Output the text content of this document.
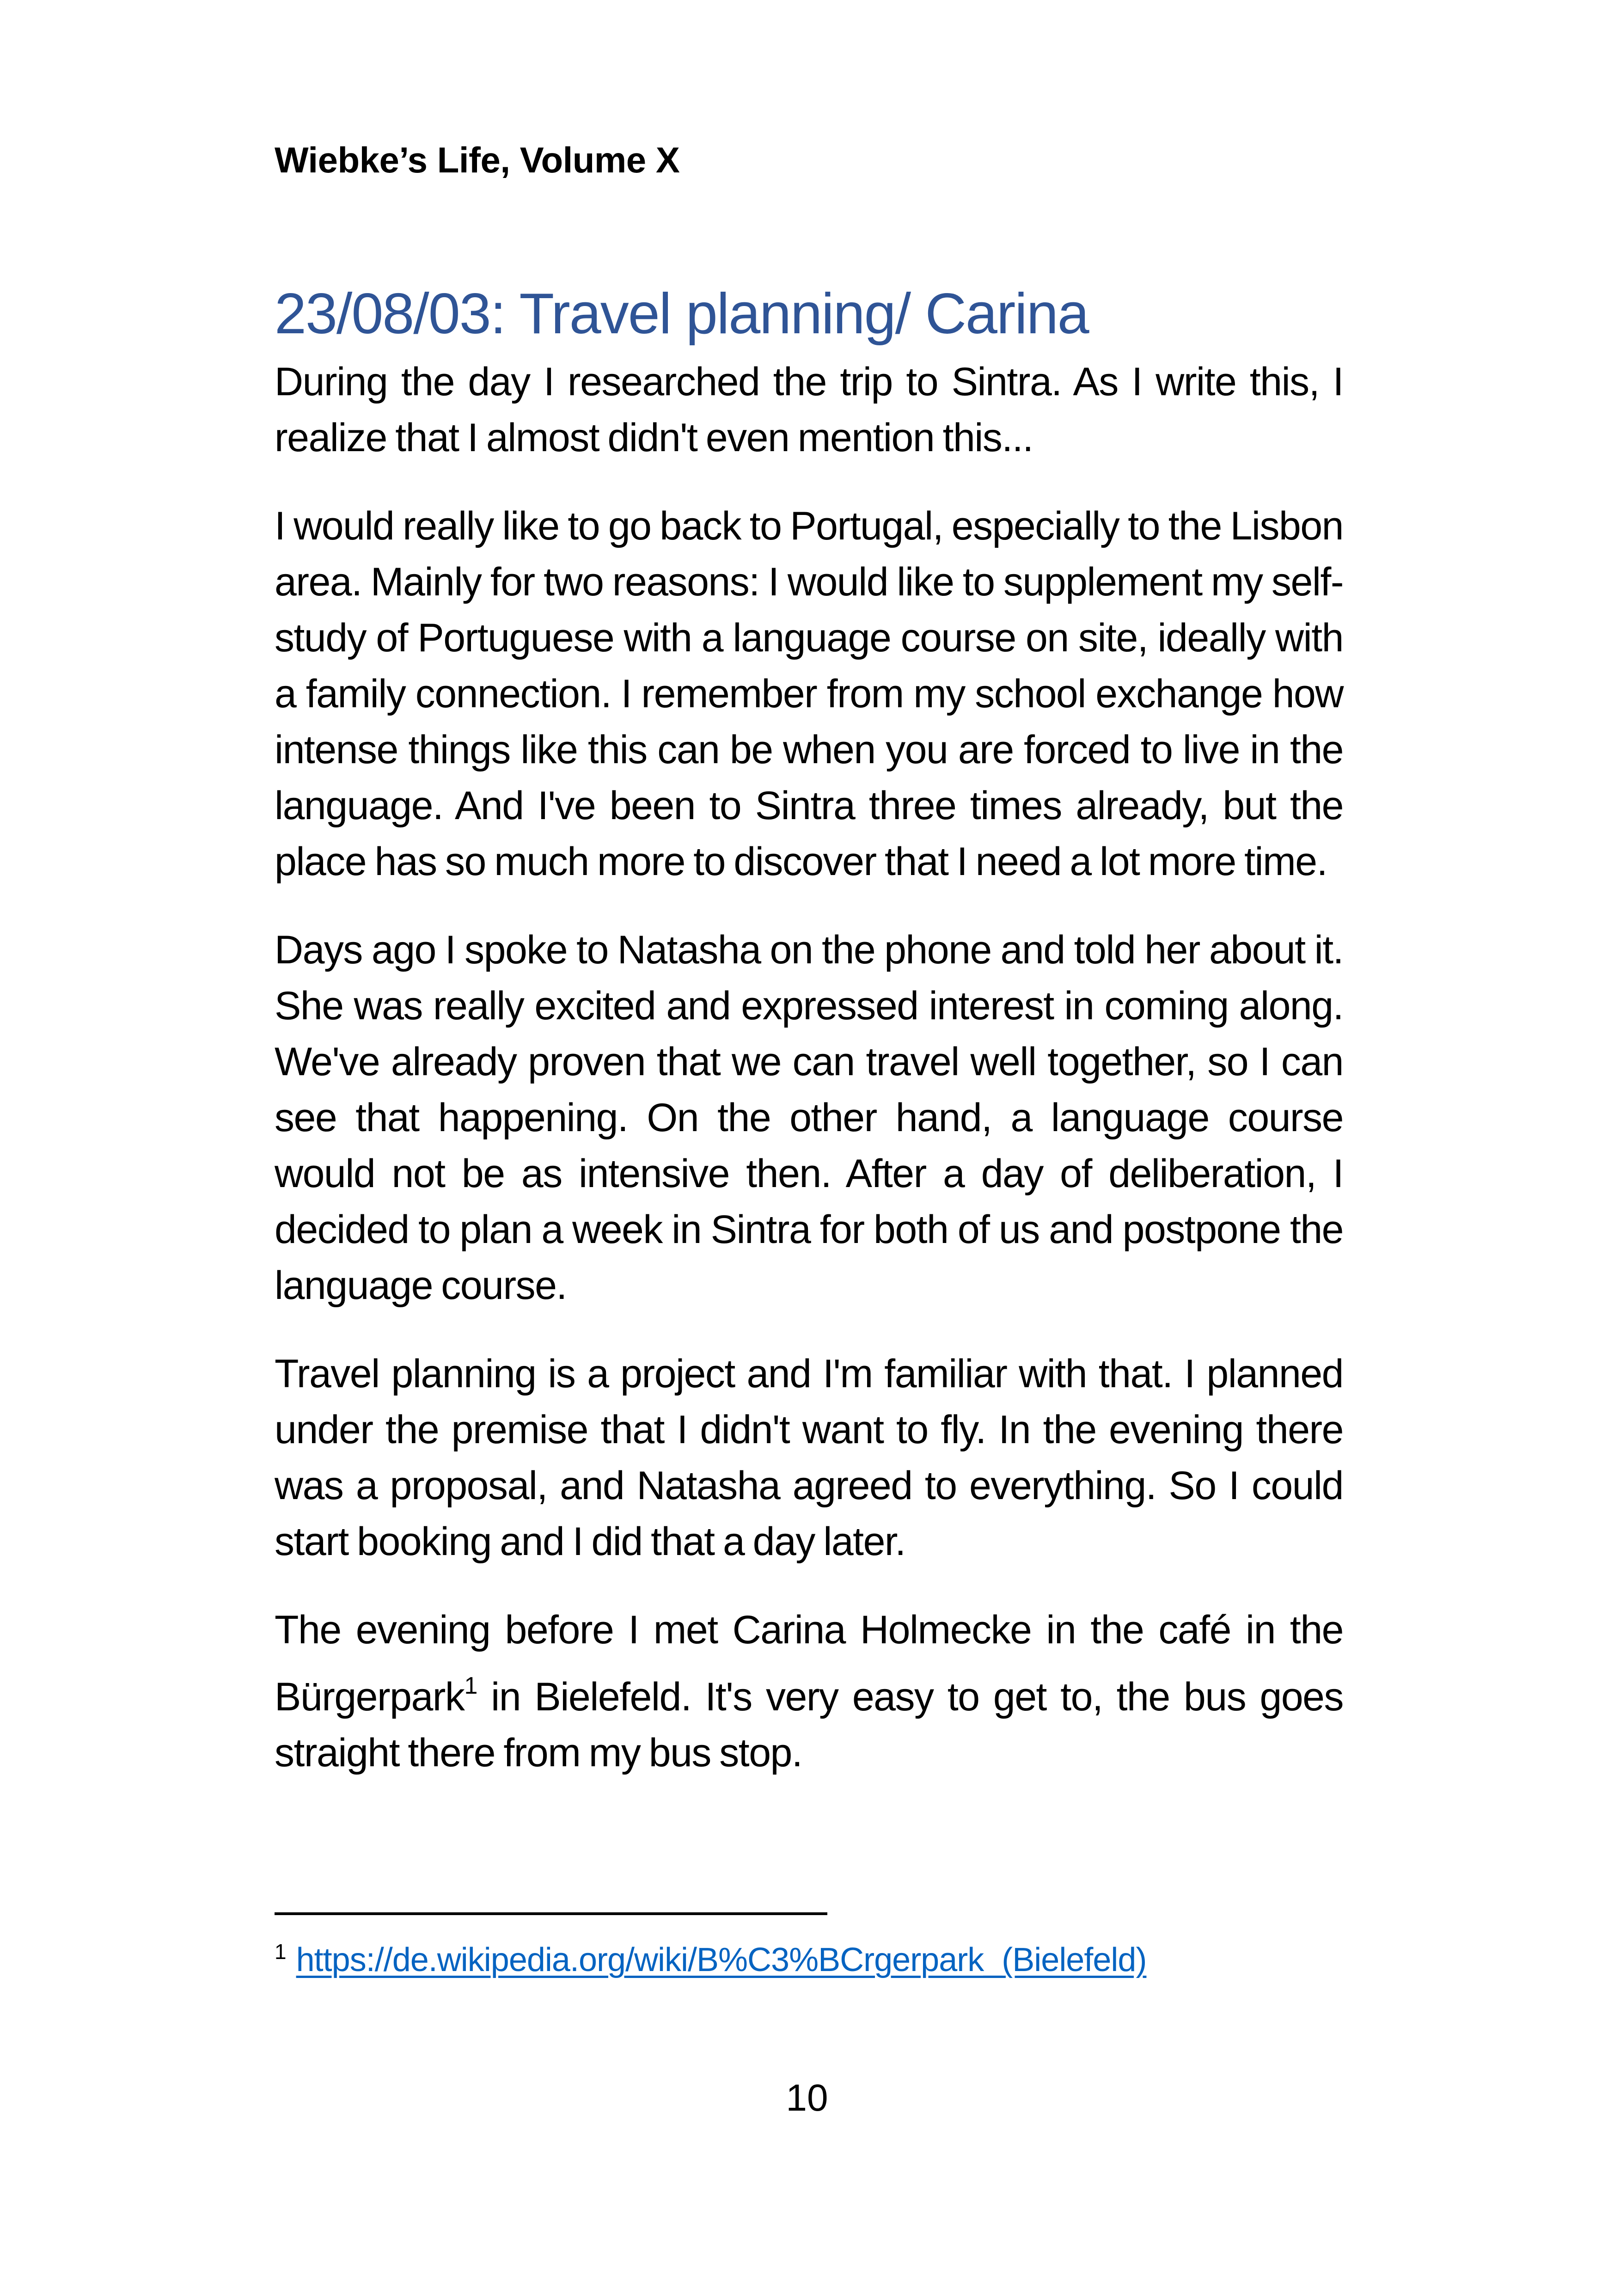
Wiebke’s Life, Volume X

23/08/03: Travel planning/ Carina

During the day I researched the trip to Sintra. As I write this, I realize that I almost didn't even mention this...

I would really like to go back to Portugal, especially to the Lisbon area. Mainly for two reasons: I would like to supplement my self-study of Portuguese with a language course on site, ideally with a family connection. I remember from my school exchange how intense things like this can be when you are forced to live in the language. And I've been to Sintra three times already, but the place has so much more to discover that I need a lot more time.

Days ago I spoke to Natasha on the phone and told her about it. She was really excited and expressed interest in coming along. We've already proven that we can travel well together, so I can see that happening. On the other hand, a language course would not be as intensive then. After a day of deliberation, I decided to plan a week in Sintra for both of us and postpone the language course.

Travel planning is a project and I'm familiar with that. I planned under the premise that I didn't want to fly. In the evening there was a proposal, and Natasha agreed to everything. So I could start booking and I did that a day later.

The evening before I met Carina Holmecke in the café in the Bürgerpark$^1$ in Bielefeld. It's very easy to get to, the bus goes straight there from my bus stop.

$^1$ https://de.wikipedia.org/wiki/B%C3%BCrgerpark_(Bielefeld)

10
